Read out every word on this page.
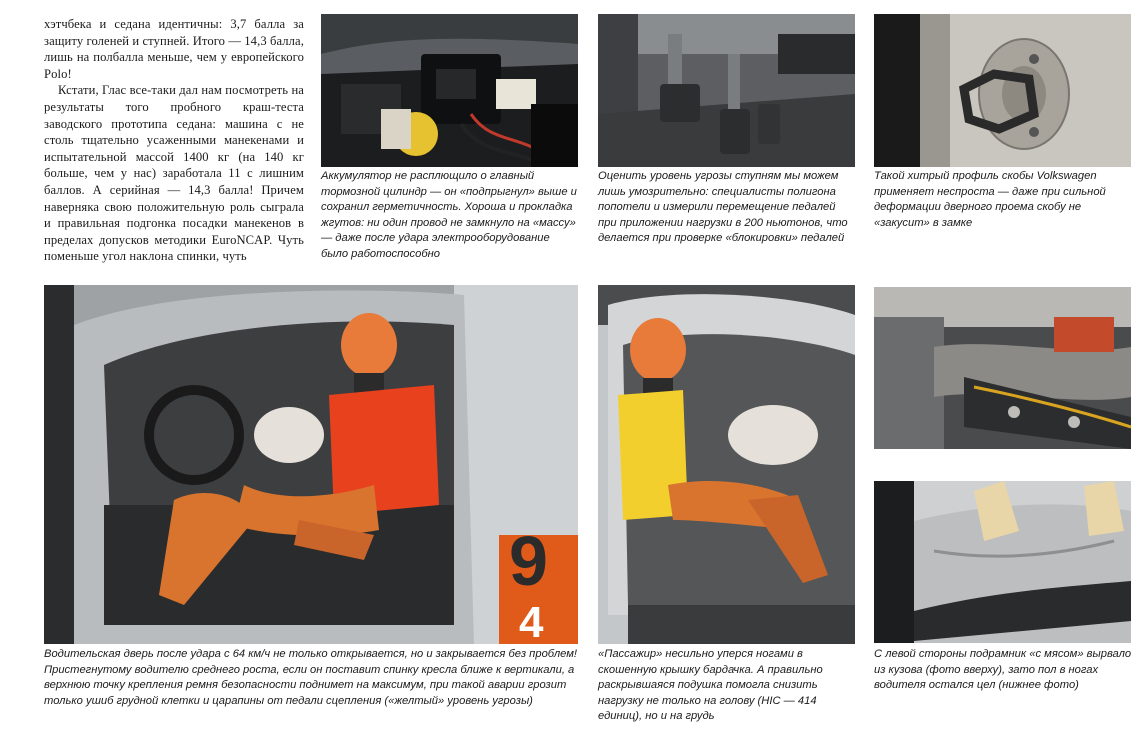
хэтчбека и седана идентичны: 3,7 балла за защиту голеней и ступней. Итого — 14,3 балла, лишь на полбалла меньше, чем у европейского Polo!

Кстати, Глас все-таки дал нам посмотреть на результаты того пробного краш-теста заводского прототипа седана: машина с не столь тщательно усаженными манекенами и испытательной массой 1400 кг (на 140 кг больше, чем у нас) заработала 11 с лишним баллов. А серийная — 14,3 балла! Причем наверняка свою положительную роль сыграла и правильная подгонка посадки манекенов в пределах допусков методики EuroNCAP. Чуть поменьше угол наклона спинки, чуть

Аккумулятор не расплющило о главный тормозной цилиндр — он «подпрыгнул» выше и сохранил герметичность. Хороша и прокладка жгутов: ни один провод не замкнуло на «массу» — даже после удара электрооборудование было работоспособно

Оценить уровень угрозы ступням мы можем лишь умозрительно: специалисты полигона попотели и измерили перемещение педалей при приложении нагрузки в 200 ньютонов, что делается при проверке «блокировки» педалей

Такой хитрый профиль скобы Volkswagen применяет неспроста — даже при сильной деформации дверного проема скобу не «закусит» в замке

9
4

Водительская дверь после удара с 64 км/ч не только открывается, но и закрывается без проблем! Пристегнутому водителю среднего роста, если он поставит спинку кресла ближе к вертикали, а верхнюю точку крепления ремня безопасности поднимет на максимум, при такой аварии грозит только ушиб грудной клетки и царапины от педали сцепления («желтый» уровень угрозы)

«Пассажир» несильно уперся ногами в скошенную крышку бардачка. А правильно раскрывшаяся подушка помогла снизить нагрузку не только на голову (HIC — 414 единиц), но и на грудь

С левой стороны подрамник «с мясом» вырвало из кузова (фото вверху), зато пол в ногах водителя остался цел (нижнее фото)
